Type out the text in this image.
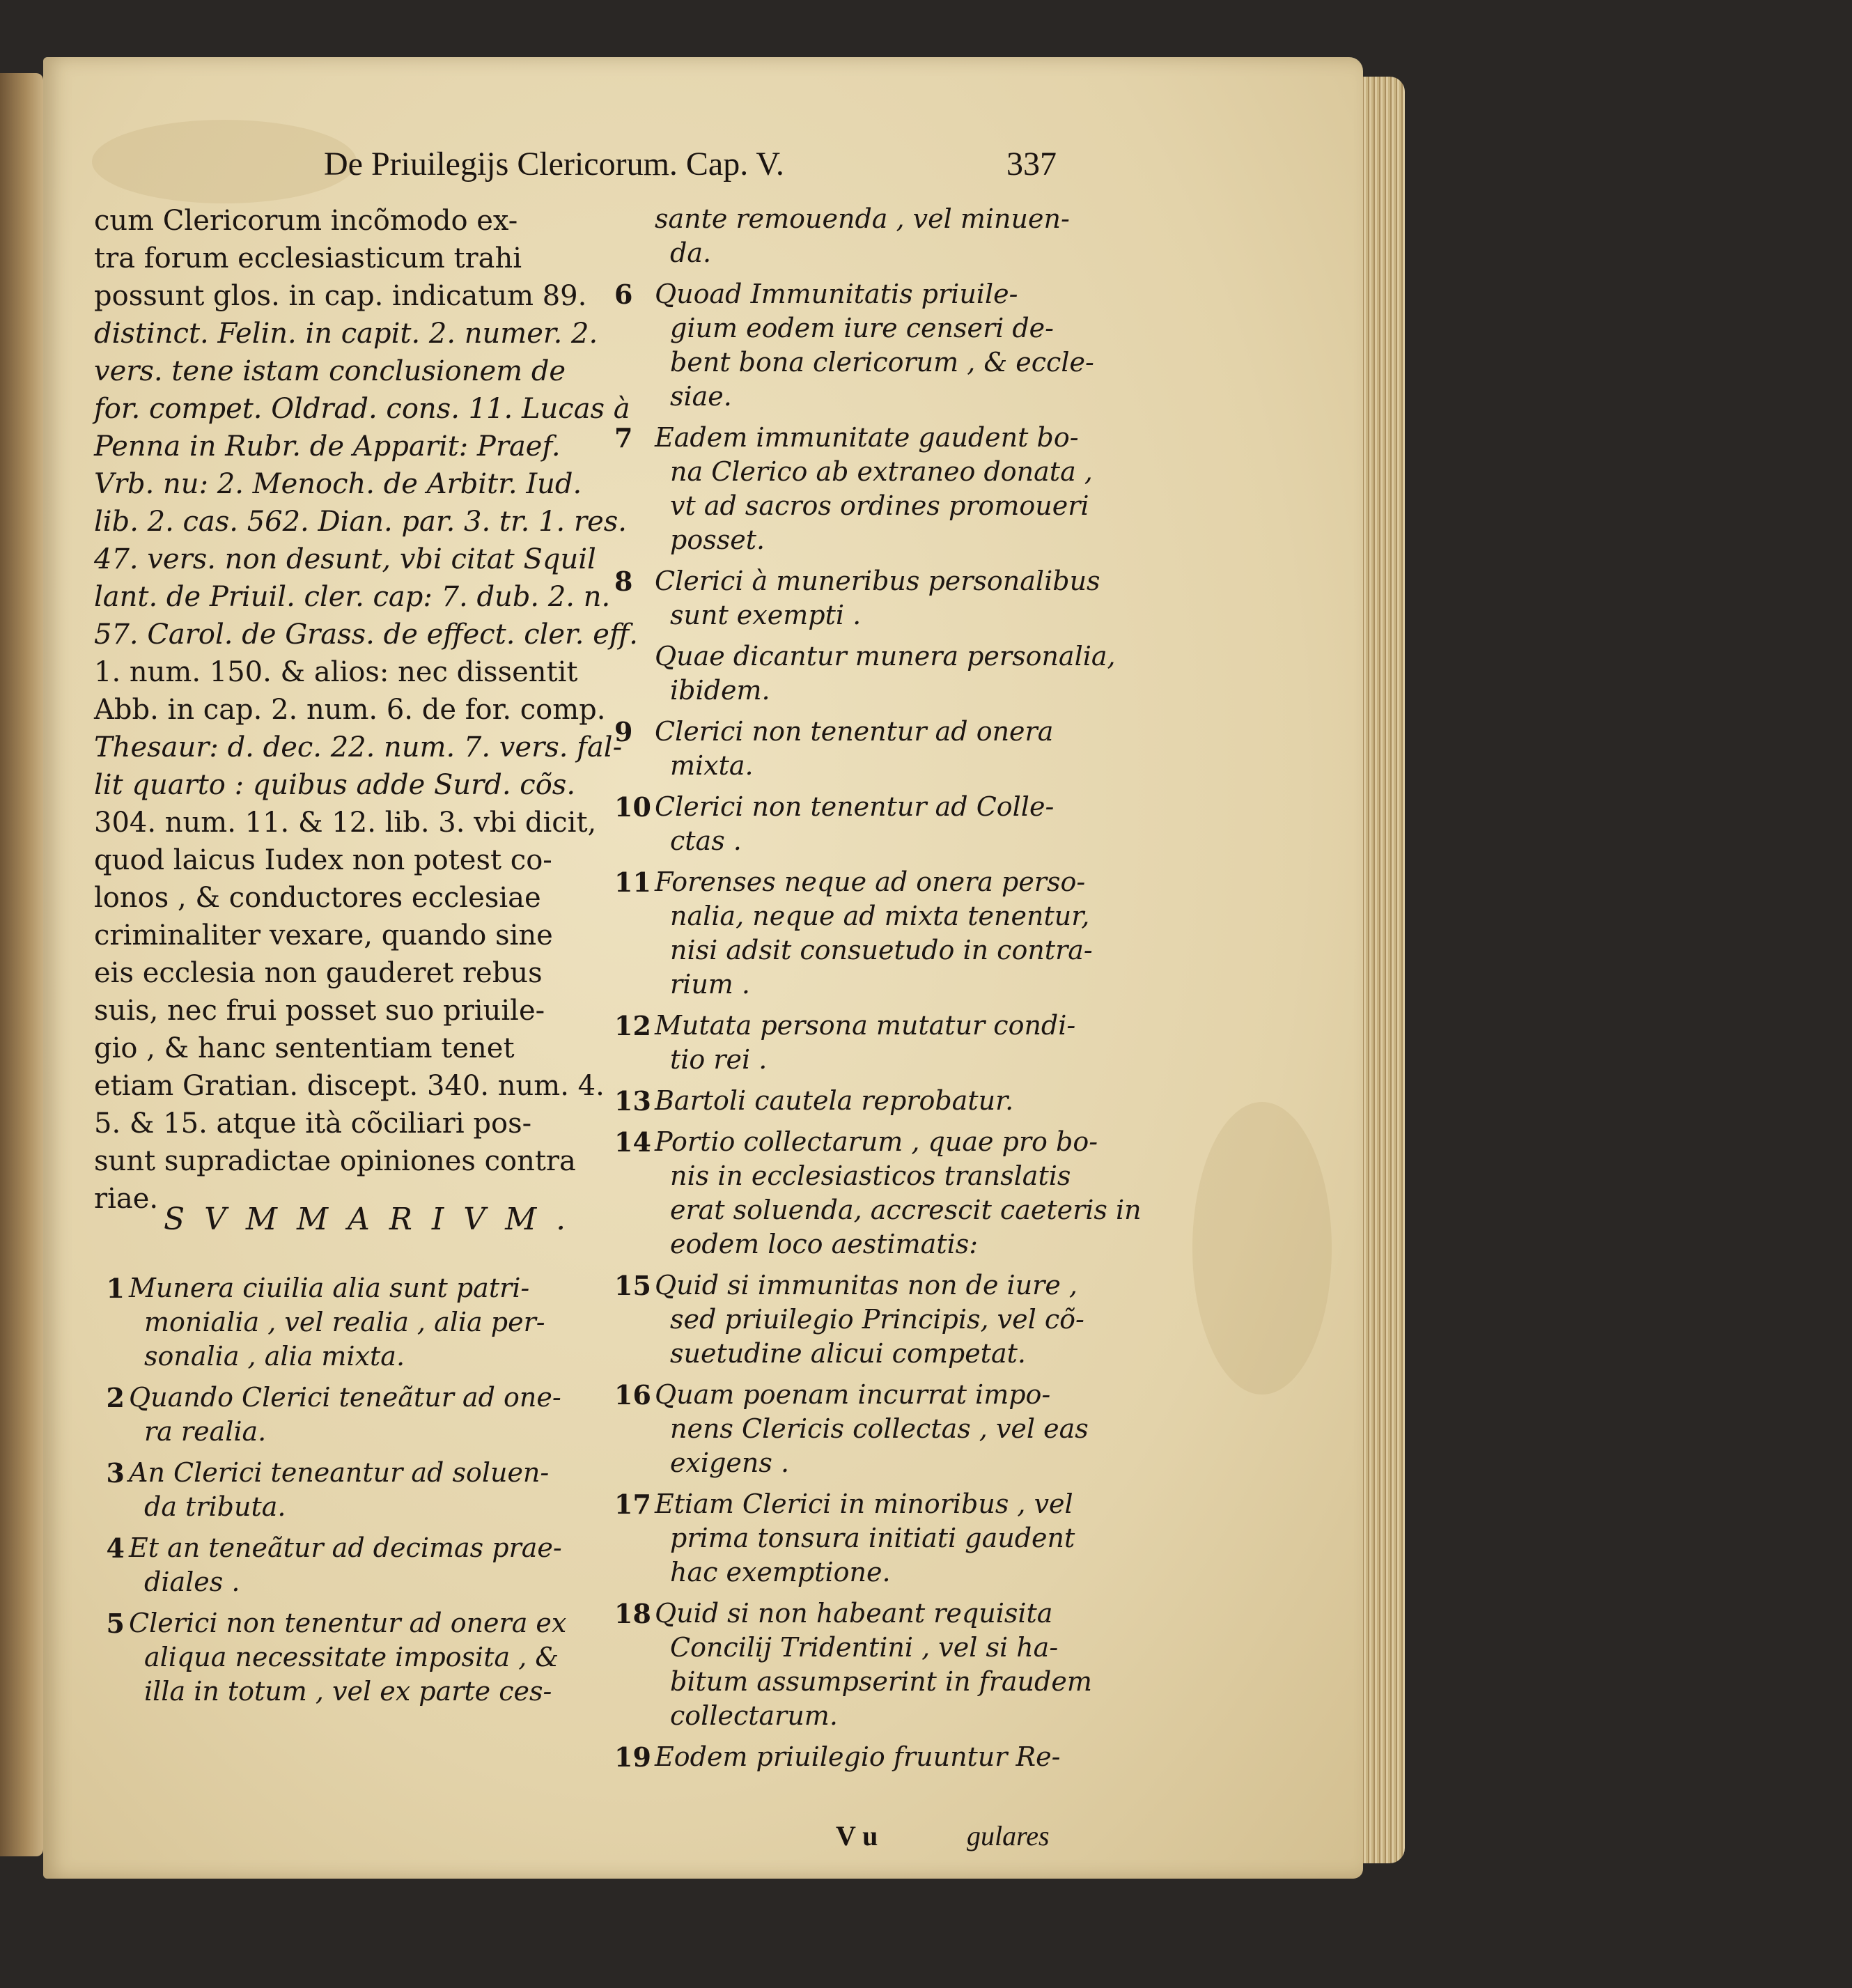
De Priuilegijs Clericorum. Cap. V.	337
cum Clericorum incõmodo ex-
tra forum ecclesiasticum trahi
possunt glos. in cap. indicatum 89.
distinct. Felin. in capit. 2. numer. 2.
vers. tene istam conclusionem de
for. compet. Oldrad. cons. 11. Lucas à
Penna in Rubr. de Apparit: Praef.
Vrb. nu: 2. Menoch. de Arbitr. Iud.
lib. 2. cas. 562. Dian. par. 3. tr. 1. res.
47. vers. non desunt, vbi citat Squil
lant. de Priuil. cler. cap: 7. dub. 2. n.
57. Carol. de Grass. de effect. cler. eff.
1. num. 150. & alios: nec dissentit
Abb. in cap. 2. num. 6. de for. comp.
Thesaur: d. dec. 22. num. 7. vers. fal-
lit quarto : quibus adde Surd. cõs.
304. num. 11. & 12. lib. 3. vbi dicit,
quod laicus Iudex non potest co-
lonos , & conductores ecclesiae
criminaliter vexare, quando sine
eis ecclesia non gauderet rebus
suis, nec frui posset suo priuile-
gio , & hanc sententiam tenet
etiam Gratian. discept. 340. num. 4.
5. & 15. atque ità cõciliari pos-
sunt supradictae opiniones contra
riae.
SVMMARIVM.
1 Munera ciuilia alia sunt patri-
monialia , vel realia , alia per-
sonalia , alia mixta.
2 Quando Clerici teneãtur ad one-
ra realia.
3 An Clerici teneantur ad soluen-
da tributa.
4 Et an teneãtur ad decimas prae-
diales .
5 Clerici non tenentur ad onera ex
aliqua necessitate imposita , &
illa in totum , vel ex parte ces-
sante remouenda , vel minuen-
da.
6 Quoad Immunitatis priuile-
gium eodem iure censeri de-
bent bona clericorum , & eccle-
siae.
7 Eadem immunitate gaudent bo-
na Clerico ab extraneo donata ,
vt ad sacros ordines promoueri
posset.
8 Clerici à muneribus personalibus
sunt exempti .
Quae dicantur munera personalia,
ibidem.
9 Clerici non tenentur ad onera
mixta.
10 Clerici non tenentur ad Colle-
ctas .
11 Forenses neque ad onera perso-
nalia, neque ad mixta tenentur,
nisi adsit consuetudo in contra-
rium .
12 Mutata persona mutatur condi-
tio rei .
13 Bartoli cautela reprobatur.
14 Portio collectarum , quae pro bo-
nis in ecclesiasticos translatis
erat soluenda, accrescit caeteris in
eodem loco aestimatis:
15 Quid si immunitas non de iure ,
sed priuilegio Principis, vel cõ-
suetudine alicui competat.
16 Quam poenam incurrat impo-
nens Clericis collectas , vel eas
exigens .
17 Etiam Clerici in minoribus , vel
prima tonsura initiati gaudent
hac exemptione.
18 Quid si non habeant requisita
Concilij Tridentini , vel si ha-
bitum assumpserint in fraudem
collectarum.
19 Eodem priuilegio fruuntur Re-
V u	gulares
